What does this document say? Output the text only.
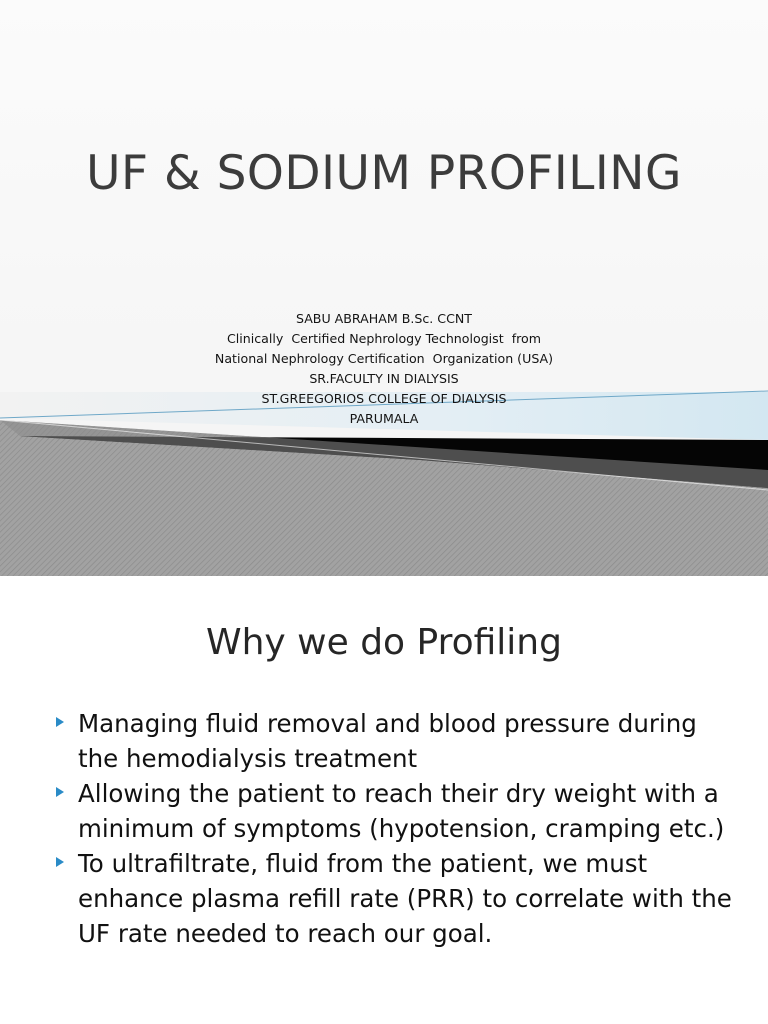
UF & SODIUM PROFILING
SABU ABRAHAM B.Sc. CCNT
Clinically  Certified Nephrology Technologist  from
National Nephrology Certification  Organization (USA)
SR.FACULTY IN DIALYSIS
ST.GREEGORIOS COLLEGE OF DIALYSIS
PARUMALA
Why we do Profiling
Managing fluid removal and blood pressure during the hemodialysis treatment
Allowing the patient to reach their dry weight with a minimum of symptoms (hypotension, cramping etc.)
To ultrafiltrate, fluid from the patient, we must enhance plasma refill rate (PRR) to correlate with the UF rate needed to reach our goal.
